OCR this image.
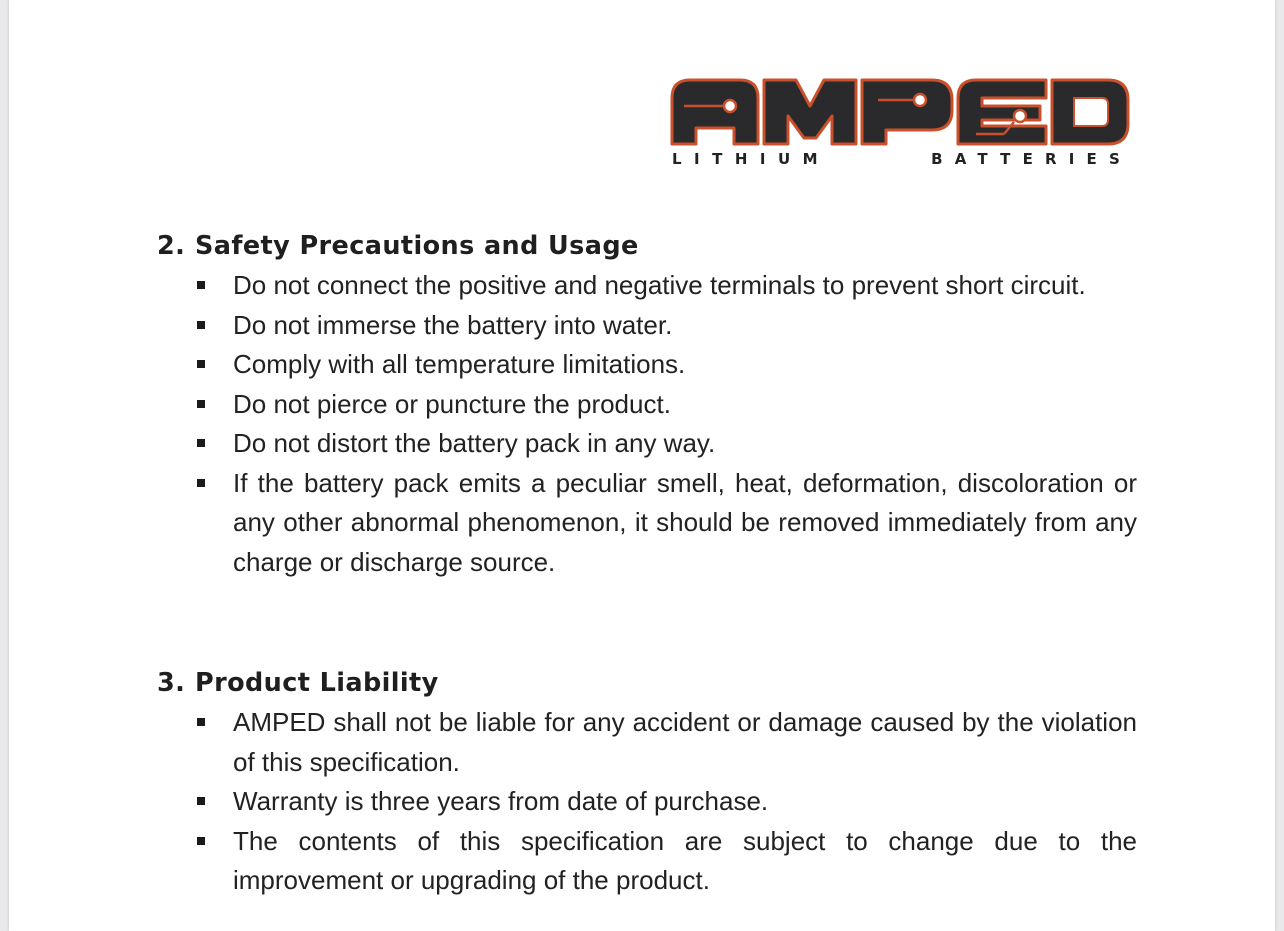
LITHIUM	BATTERIES
2. Safety Precautions and Usage
Do not connect the positive and negative terminals to prevent short circuit.
Do not immerse the battery into water.
Comply with all temperature limitations.
Do not pierce or puncture the product.
Do not distort the battery pack in any way.
If the battery pack emits a peculiar smell, heat, deformation, discoloration or any other abnormal phenomenon, it should be removed immediately from any charge or discharge source.
3. Product Liability
AMPED shall not be liable for any accident or damage caused by the violation of this specification.
Warranty is three years from date of purchase.
The contents of this specification are subject to change due to the improvement or upgrading of the product.
